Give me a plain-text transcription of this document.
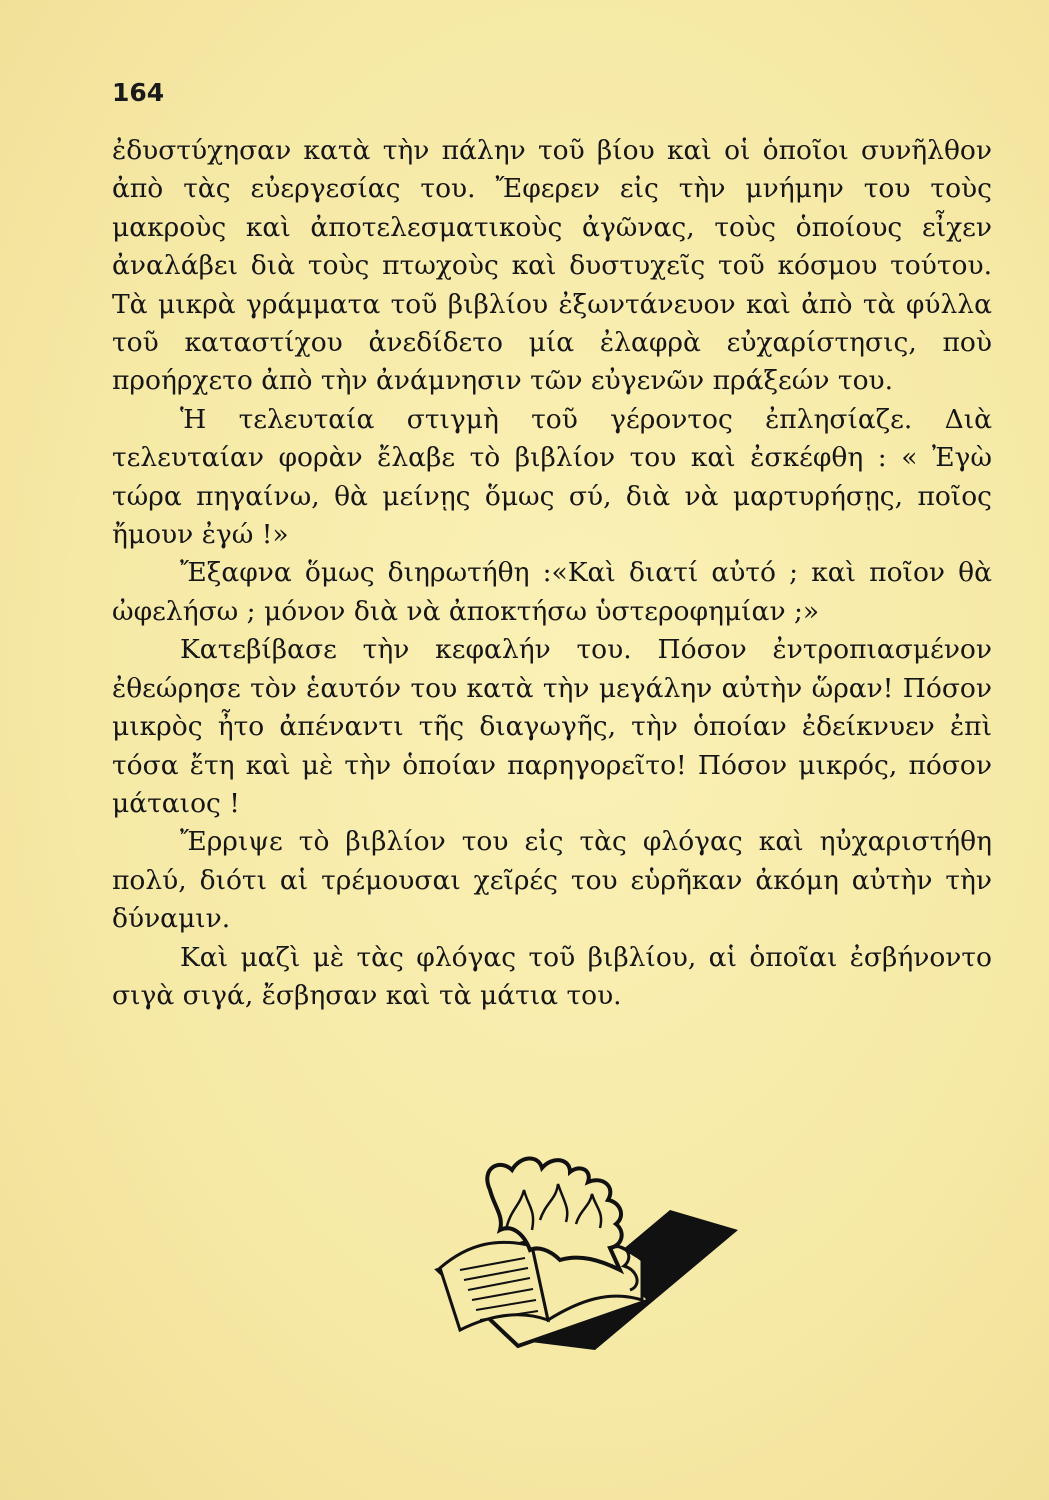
164

ἐδυστύχησαν κατὰ τὴν πάλην τοῦ βίου καὶ οἱ ὁποῖοι συνῆλθον ἀπὸ τὰς εὐεργεσίας του. Ἔφερεν εἰς τὴν μνήμην του τοὺς μακροὺς καὶ ἀποτελεσματικοὺς ἀγῶνας, τοὺς ὁποίους εἶχεν ἀναλάβει διὰ τοὺς πτωχοὺς καὶ δυστυχεῖς τοῦ κόσμου τούτου. Τὰ μικρὰ γράμματα τοῦ βιβλίου ἐξωντάνευον καὶ ἀπὸ τὰ φύλλα τοῦ καταστίχου ἀνεδίδετο μία ἐλαφρὰ εὐχαρίστησις, ποὺ προήρχετο ἀπὸ τὴν ἀνάμνησιν τῶν εὐγενῶν πράξεών του.

Ἡ τελευταία στιγμὴ τοῦ γέροντος ἐπλησίαζε. Διὰ τελευταίαν φορὰν ἔλαβε τὸ βιβλίον του καὶ ἐσκέφθη : « Ἐγὼ τώρα πηγαίνω, θὰ μείνῃς ὅμως σύ, διὰ νὰ μαρτυρήσῃς, ποῖος ἤμουν ἐγώ !»

Ἔξαφνα ὅμως διηρωτήθη :«Καὶ διατί αὐτό ; καὶ ποῖον θὰ ὠφελήσω ; μόνον διὰ νὰ ἀποκτήσω ὑστεροφημίαν ;»

Κατεβίβασε τὴν κεφαλήν του. Πόσον ἐντροπιασμένον ἐθεώρησε τὸν ἑαυτόν του κατὰ τὴν μεγάλην αὐτὴν ὥραν! Πόσον μικρὸς ἦτο ἀπέναντι τῆς διαγωγῆς, τὴν ὁποίαν ἐδείκνυεν ἐπὶ τόσα ἔτη καὶ μὲ τὴν ὁποίαν παρηγορεῖτο! Πόσον μικρός, πόσον μάταιος !

Ἔρριψε τὸ βιβλίον του εἰς τὰς φλόγας καὶ ηὐχαριστήθη πολύ, διότι αἱ τρέμουσαι χεῖρές του εὑρῆκαν ἀκόμη αὐτὴν τὴν δύναμιν.

Καὶ μαζὶ μὲ τὰς φλόγας τοῦ βιβλίου, αἱ ὁποῖαι ἐσβήνοντο σιγὰ σιγά, ἔσβησαν καὶ τὰ μάτια του.
